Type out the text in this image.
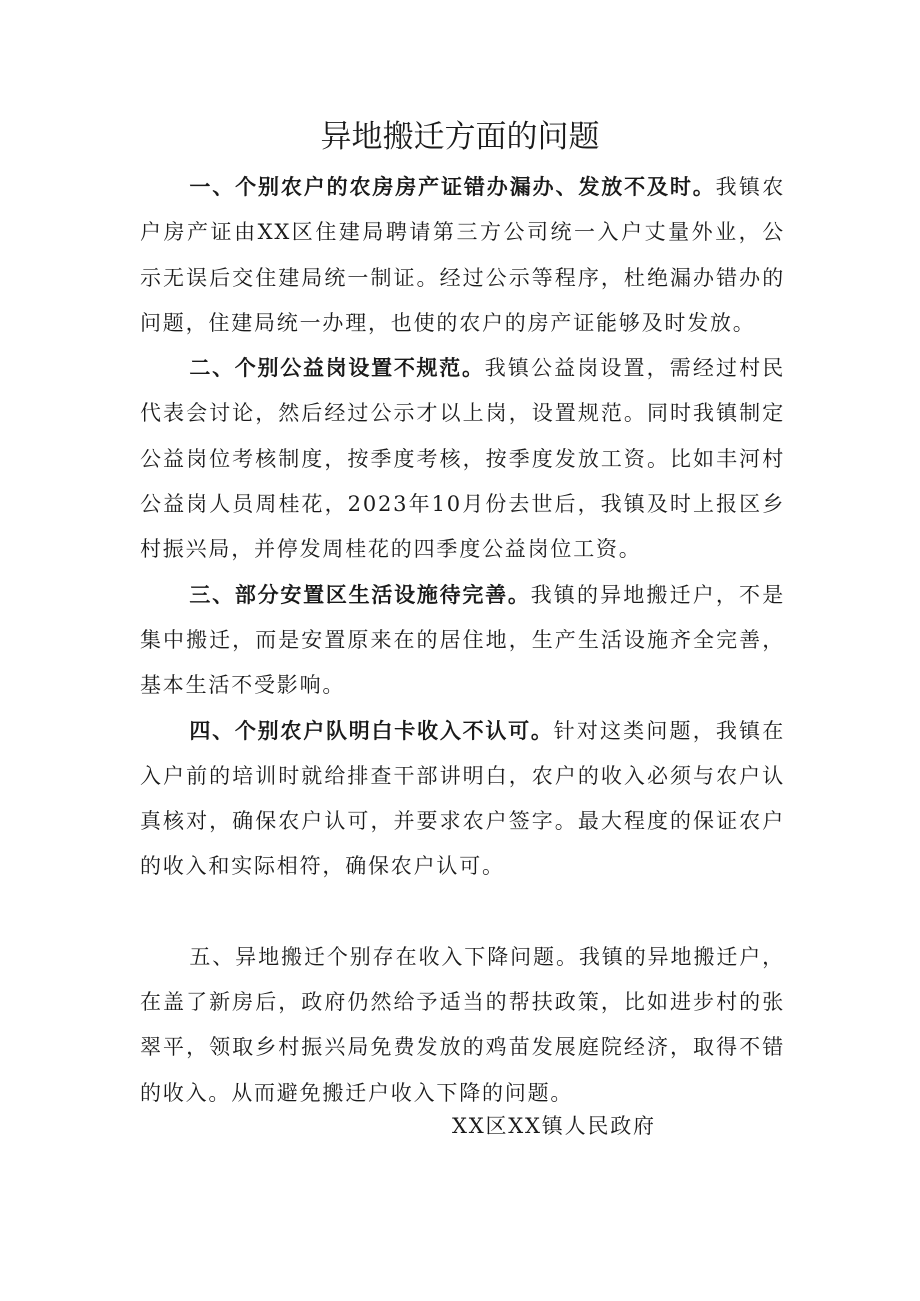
异地搬迁方面的问题

一、个别农户的农房房产证错办漏办、发放不及时。我镇农户房产证由XX区住建局聘请第三方公司统一入户丈量外业，公示无误后交住建局统一制证。经过公示等程序，杜绝漏办错办的问题，住建局统一办理，也使的农户的房产证能够及时发放。

二、个别公益岗设置不规范。我镇公益岗设置，需经过村民代表会讨论，然后经过公示才以上岗，设置规范。同时我镇制定公益岗位考核制度，按季度考核，按季度发放工资。比如丰河村公益岗人员周桂花，2023年10月份去世后，我镇及时上报区乡村振兴局，并停发周桂花的四季度公益岗位工资。

三、部分安置区生活设施待完善。我镇的异地搬迁户，不是集中搬迁，而是安置原来在的居住地，生产生活设施齐全完善，基本生活不受影响。

四、个别农户队明白卡收入不认可。针对这类问题，我镇在入户前的培训时就给排查干部讲明白，农户的收入必须与农户认真核对，确保农户认可，并要求农户签字。最大程度的保证农户的收入和实际相符，确保农户认可。

五、异地搬迁个别存在收入下降问题。我镇的异地搬迁户，在盖了新房后，政府仍然给予适当的帮扶政策，比如进步村的张翠平，领取乡村振兴局免费发放的鸡苗发展庭院经济，取得不错的收入。从而避免搬迁户收入下降的问题。

XX区XX镇人民政府
